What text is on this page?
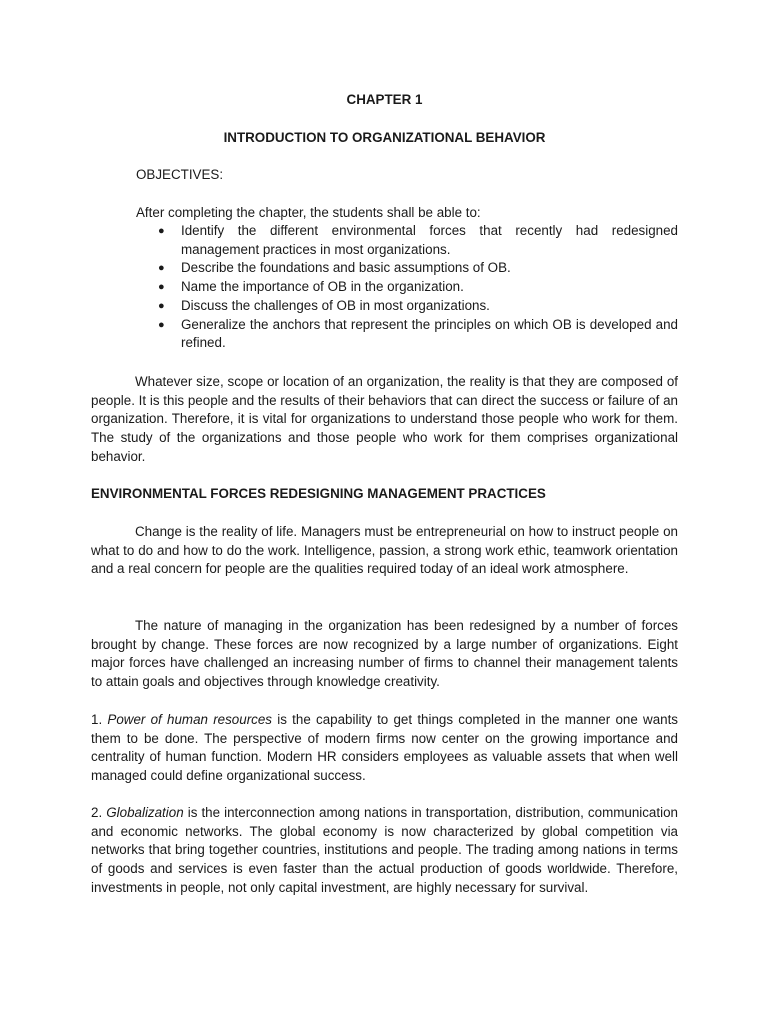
CHAPTER 1

INTRODUCTION TO ORGANIZATIONAL BEHAVIOR

OBJECTIVES:

After completing the chapter, the students shall be able to:

● Identify the different environmental forces that recently had redesigned management practices in most organizations.
● Describe the foundations and basic assumptions of OB.
● Name the importance of OB in the organization.
● Discuss the challenges of OB in most organizations.
● Generalize the anchors that represent the principles on which OB is developed and refined.

Whatever size, scope or location of an organization, the reality is that they are composed of people. It is this people and the results of their behaviors that can direct the success or failure of an organization. Therefore, it is vital for organizations to understand those people who work for them. The study of the organizations and those people who work for them comprises organizational behavior.

ENVIRONMENTAL FORCES REDESIGNING MANAGEMENT PRACTICES

Change is the reality of life. Managers must be entrepreneurial on how to instruct people on what to do and how to do the work. Intelligence, passion, a strong work ethic, teamwork orientation and a real concern for people are the qualities required today of an ideal work atmosphere.

The nature of managing in the organization has been redesigned by a number of forces brought by change. These forces are now recognized by a large number of organizations. Eight major forces have challenged an increasing number of firms to channel their management talents to attain goals and objectives through knowledge creativity.

1. Power of human resources is the capability to get things completed in the manner one wants them to be done. The perspective of modern firms now center on the growing importance and centrality of human function. Modern HR considers employees as valuable assets that when well managed could define organizational success.

2. Globalization is the interconnection among nations in transportation, distribution, communication and economic networks. The global economy is now characterized by global competition via networks that bring together countries, institutions and people. The trading among nations in terms of goods and services is even faster than the actual production of goods worldwide. Therefore, investments in people, not only capital investment, are highly necessary for survival.
